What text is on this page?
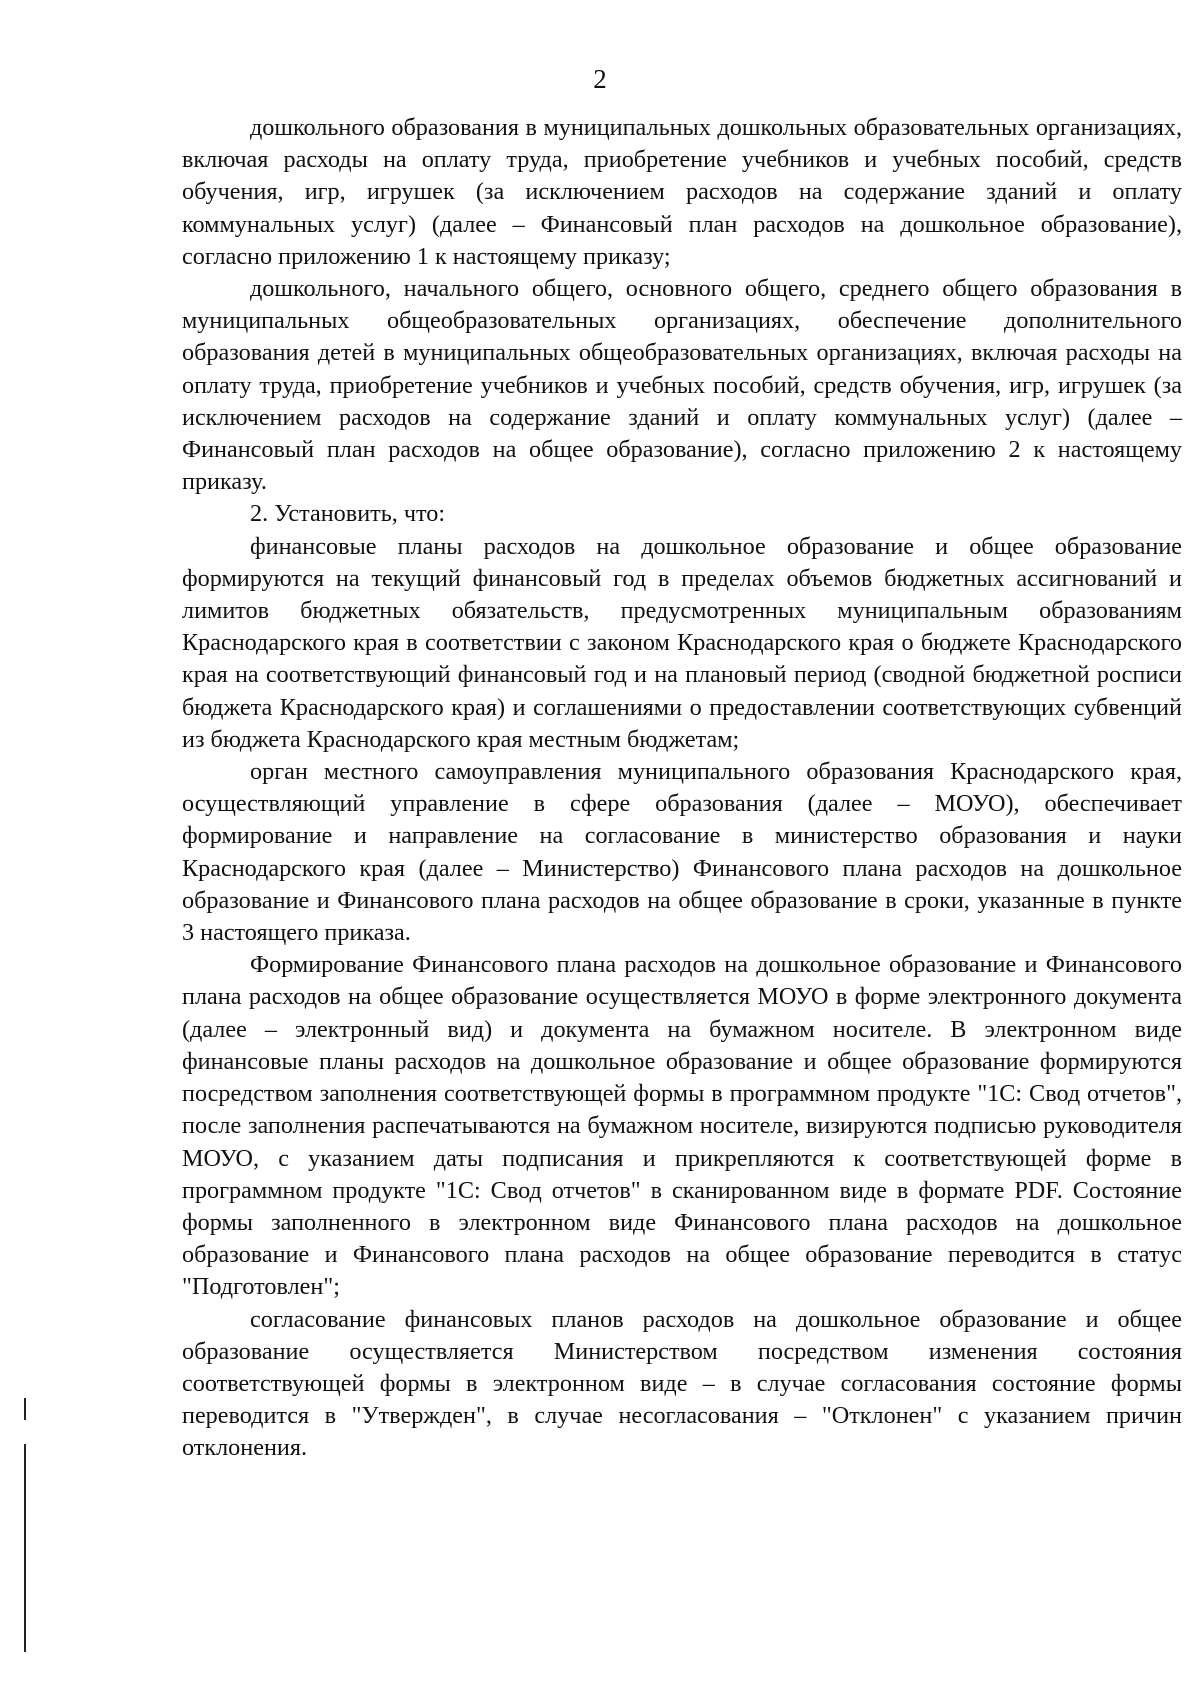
2

дошкольного образования в муниципальных дошкольных образовательных организациях, включая расходы на оплату труда, приобретение учебников и учебных пособий, средств обучения, игр, игрушек (за исключением расходов на содержание зданий и оплату коммунальных услуг) (далее – Финансовый план расходов на дошкольное образование), согласно приложению 1 к настоящему приказу;

дошкольного, начального общего, основного общего, среднего общего образования в муниципальных общеобразовательных организациях, обеспечение дополнительного образования детей в муниципальных общеобразовательных организациях, включая расходы на оплату труда, приобретение учебников и учебных пособий, средств обучения, игр, игрушек (за исключением расходов на содержание зданий и оплату коммунальных услуг) (далее – Финансовый план расходов на общее образование), согласно приложению 2 к настоящему приказу.

2. Установить, что:

финансовые планы расходов на дошкольное образование и общее образование формируются на текущий финансовый год в пределах объемов бюджетных ассигнований и лимитов бюджетных обязательств, предусмотренных муниципальным образованиям Краснодарского края в соответствии с законом Краснодарского края о бюджете Краснодарского края на соответствующий финансовый год и на плановый период (сводной бюджетной росписи бюджета Краснодарского края) и соглашениями о предоставлении соответствующих субвенций из бюджета Краснодарского края местным бюджетам;

орган местного самоуправления муниципального образования Краснодарского края, осуществляющий управление в сфере образования (далее – МОУО), обеспечивает формирование и направление на согласование в министерство образования и науки Краснодарского края (далее – Министерство) Финансового плана расходов на дошкольное образование и Финансового плана расходов на общее образование в сроки, указанные в пункте 3 настоящего приказа.

Формирование Финансового плана расходов на дошкольное образование и Финансового плана расходов на общее образование осуществляется МОУО в форме электронного документа (далее – электронный вид) и документа на бумажном носителе. В электронном виде финансовые планы расходов на дошкольное образование и общее образование формируются посредством заполнения соответствующей формы в программном продукте "1С: Свод отчетов", после заполнения распечатываются на бумажном носителе, визируются подписью руководителя МОУО, с указанием даты подписания и прикрепляются к соответствующей форме в программном продукте "1С: Свод отчетов" в сканированном виде в формате PDF. Состояние формы заполненного в электронном виде Финансового плана расходов на дошкольное образование и Финансового плана расходов на общее образование переводится в статус "Подготовлен";

согласование финансовых планов расходов на дошкольное образование и общее образование осуществляется Министерством посредством изменения состояния соответствующей формы в электронном виде – в случае согласования состояние формы переводится в "Утвержден", в случае несогласования – "Отклонен" с указанием причин отклонения.
